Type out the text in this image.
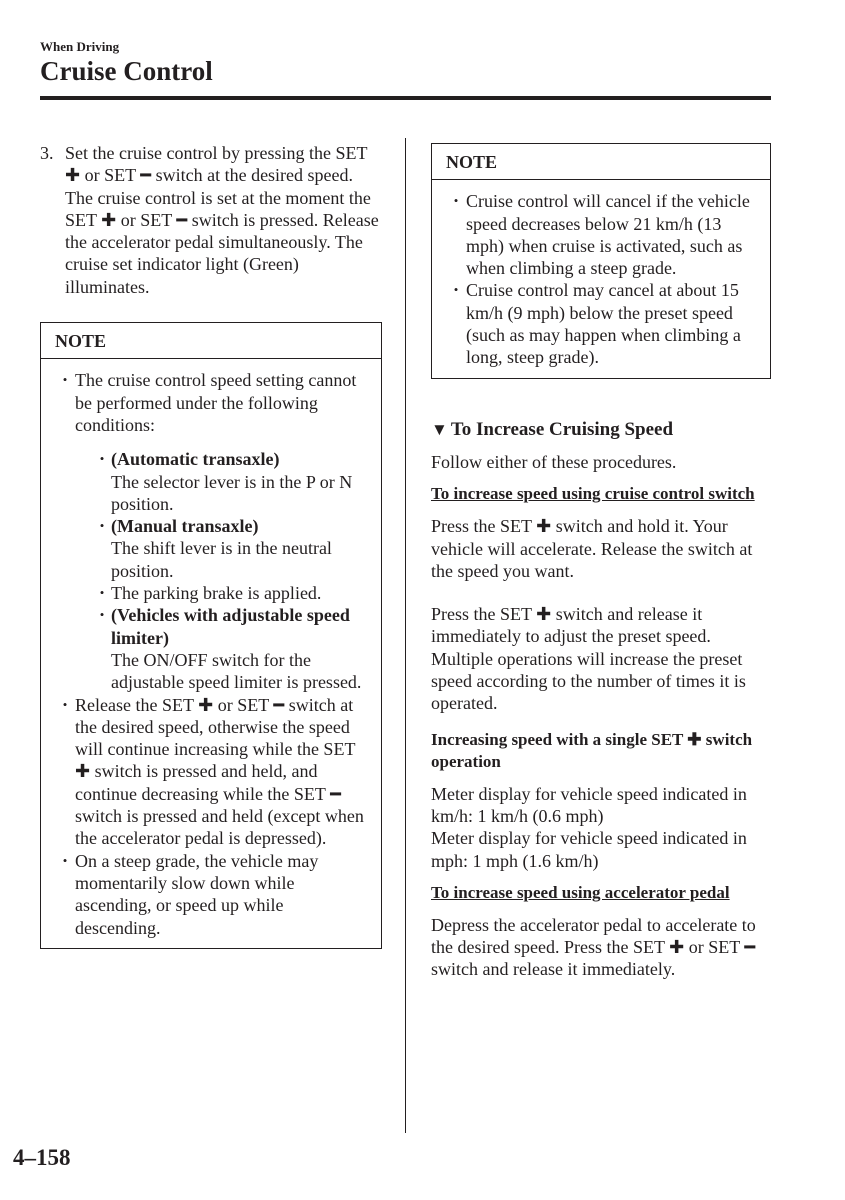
When Driving
Cruise Control
3. Set the cruise control by pressing the SET ✚ or SET ━ switch at the desired speed. The cruise control is set at the moment the SET ✚ or SET ━ switch is pressed. Release the accelerator pedal simultaneously. The cruise set indicator light (Green) illuminates.
NOTE
• The cruise control speed setting cannot be performed under the following conditions:
• (Automatic transaxle)
The selector lever is in the P or N position.
• (Manual transaxle)
The shift lever is in the neutral position.
• The parking brake is applied.
• (Vehicles with adjustable speed limiter)
The ON/OFF switch for the adjustable speed limiter is pressed.
• Release the SET ✚ or SET ━ switch at the desired speed, otherwise the speed will continue increasing while the SET ✚ switch is pressed and held, and continue decreasing while the SET ━ switch is pressed and held (except when the accelerator pedal is depressed).
• On a steep grade, the vehicle may momentarily slow down while ascending, or speed up while descending.
NOTE
• Cruise control will cancel if the vehicle speed decreases below 21 km/h (13 mph) when cruise is activated, such as when climbing a steep grade.
• Cruise control may cancel at about 15 km/h (9 mph) below the preset speed (such as may happen when climbing a long, steep grade).
▼ To Increase Cruising Speed
Follow either of these procedures.
To increase speed using cruise control switch
Press the SET ✚ switch and hold it. Your vehicle will accelerate. Release the switch at the speed you want.
Press the SET ✚ switch and release it immediately to adjust the preset speed. Multiple operations will increase the preset speed according to the number of times it is operated.
Increasing speed with a single SET ✚ switch operation
Meter display for vehicle speed indicated in km/h: 1 km/h (0.6 mph)
Meter display for vehicle speed indicated in mph: 1 mph (1.6 km/h)
To increase speed using accelerator pedal
Depress the accelerator pedal to accelerate to the desired speed. Press the SET ✚ or SET ━ switch and release it immediately.
4–158
